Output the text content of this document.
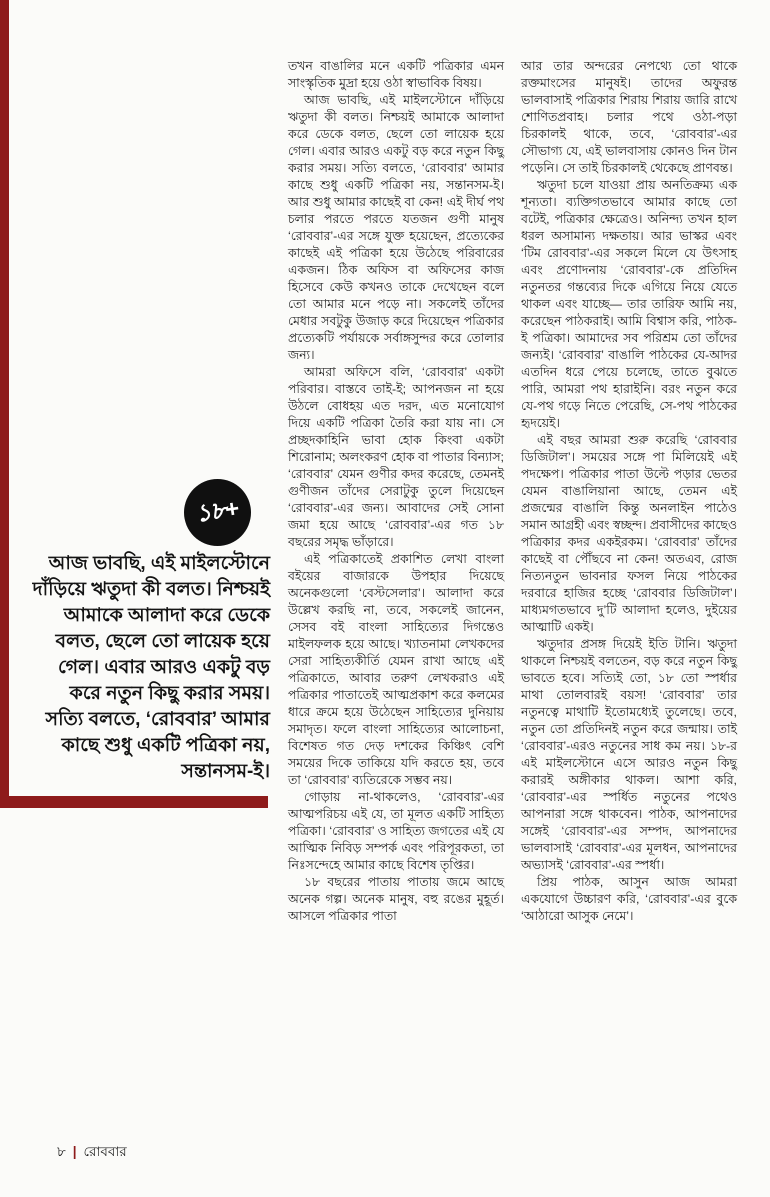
১৮+
আজ ভাবছি, এই মাইলস্টোনে দাঁড়িয়ে ঋতুদা কী বলত। নিশ্চয়ই আমাকে আলাদা করে ডেকে বলত, ছেলে তো লায়েক হয়ে গেল। এবার আরও একটু বড় করে নতুন কিছু করার সময়। সত্যি বলতে, ‘রোববার’ আমার কাছে শুধু একটি পত্রিকা নয়, সন্তানসম-ই।

তখন বাঙালির মনে একটি পত্রিকার এমন সাংস্কৃতিক মুদ্রা হয়ে ওঠা স্বাভাবিক বিষয়।

আজ ভাবছি, এই মাইলস্টোনে দাঁড়িয়ে ঋতুদা কী বলত। নিশ্চয়ই আমাকে আলাদা করে ডেকে বলত, ছেলে তো লায়েক হয়ে গেল। এবার আরও একটু বড় করে নতুন কিছু করার সময়। সত্যি বলতে, ‘রোববার’ আমার কাছে শুধু একটি পত্রিকা নয়, সন্তানসম-ই। আর শুধু আমার কাছেই বা কেন! এই দীর্ঘ পথ চলার পরতে পরতে যতজন গুণী মানুষ ‘রোববার’-এর সঙ্গে যুক্ত হয়েছেন, প্রত্যেকের কাছেই এই পত্রিকা হয়ে উঠেছে পরিবারের একজন। ঠিক অফিস বা অফিসের কাজ হিসেবে কেউ কখনও তাকে দেখেছেন বলে তো আমার মনে পড়ে না। সকলেই তাঁদের মেধার সবটুকু উজাড় করে দিয়েছেন পত্রিকার প্রত্যেকটি পর্যায়কে সর্বাঙ্গসুন্দর করে তোলার জন্য।

আমরা অফিসে বলি, ‘রোববার’ একটা পরিবার। বাস্তবে তাই-ই; আপনজন না হয়ে উঠলে বোধহয় এত দরদ, এত মনোযোগ দিয়ে একটি পত্রিকা তৈরি করা যায় না। সে প্রচ্ছদকাহিনি ভাবা হোক কিংবা একটা শিরোনাম; অলংকরণ হোক বা পাতার বিন্যাস; ‘রোববার’ যেমন গুণীর কদর করেছে, তেমনই গুণীজন তাঁদের সেরাটুকু তুলে দিয়েছেন ‘রোববার’-এর জন্য। আবাদের সেই সোনা জমা হয়ে আছে ‘রোববার’-এর গত ১৮ বছরের সমৃদ্ধ ভাঁড়ারে।

এই পত্রিকাতেই প্রকাশিত লেখা বাংলা বইয়ের বাজারকে উপহার দিয়েছে অনেকগুলো ‘বেস্টসেলার’। আলাদা করে উল্লেখ করছি না, তবে, সকলেই জানেন, সেসব বই বাংলা সাহিত্যের দিগন্তেও মাইলফলক হয়ে আছে। খ্যাতনামা লেখকদের সেরা সাহিত্যকীর্তি যেমন রাখা আছে এই পত্রিকাতে, আবার তরুণ লেখকরাও এই পত্রিকার পাতাতেই আত্মপ্রকাশ করে কলমের ধারে ক্রমে হয়ে উঠেছেন সাহিত্যের দুনিয়ায় সমাদৃত। ফলে বাংলা সাহিত্যের আলোচনা, বিশেষত গত দেড় দশকের কিঞ্চিৎ বেশি সময়ের দিকে তাকিয়ে যদি করতে হয়, তবে তা ‘রোববার’ ব্যতিরেকে সম্ভব নয়।

গোড়ায় না-থাকলেও, ‘রোববার’-এর আত্মপরিচয় এই যে, তা মূলত একটি সাহিত্য পত্রিকা। ‘রোববার’ ও সাহিত্য জগতের এই যে আত্মিক নিবিড় সম্পর্ক এবং পরিপূরকতা, তা নিঃসন্দেহে আমার কাছে বিশেষ তৃপ্তির।

১৮ বছরের পাতায় পাতায় জমে আছে অনেক গল্প। অনেক মানুষ, বহু রঙের মুহূর্ত। আসলে পত্রিকার পাতা

আর তার অন্দরের নেপথ্যে তো থাকে রক্তমাংসের মানুষই। তাদের অফুরন্ত ভালবাসাই পত্রিকার শিরায় শিরায় জারি রাখে শোণিতপ্রবাহ। চলার পথে ওঠা-পড়া চিরকালই থাকে, তবে, ‘রোববার’-এর সৌভাগ্য যে, এই ভালবাসায় কোনও দিন টান পড়েনি। সে তাই চিরকালই থেকেছে প্রাণবন্ত।

ঋতুদা চলে যাওয়া প্রায় অনতিক্রম্য এক শূন্যতা। ব্যক্তিগতভাবে আমার কাছে তো বটেই, পত্রিকার ক্ষেত্রেও। অনিন্দ্য তখন হাল ধরল অসামান্য দক্ষতায়। আর ভাস্কর এবং ‘টিম রোববার’-এর সকলে মিলে যে উৎসাহ এবং প্রণোদনায় ‘রোববার’-কে প্রতিদিন নতুনতর গন্তব্যের দিকে এগিয়ে নিয়ে যেতে থাকল এবং যাচ্ছে— তার তারিফ আমি নয়, করেছেন পাঠকরাই। আমি বিশ্বাস করি, পাঠক-ই পত্রিকা। আমাদের সব পরিশ্রম তো তাঁদের জন্যই। ‘রোববার’ বাঙালি পাঠকের যে-আদর এতদিন ধরে পেয়ে চলেছে, তাতে বুঝতে পারি, আমরা পথ হারাইনি। বরং নতুন করে যে-পথ গড়ে নিতে পেরেছি, সে-পথ পাঠকের হৃদয়েই।

এই বছর আমরা শুরু করেছি ‘রোববার ডিজিটাল’। সময়ের সঙ্গে পা মিলিয়েই এই পদক্ষেপ। পত্রিকার পাতা উল্টে পড়ার ভেতর যেমন বাঙালিয়ানা আছে, তেমন এই প্রজন্মের বাঙালি কিন্তু অনলাইন পাঠেও সমান আগ্রহী এবং স্বচ্ছন্দ। প্রবাসীদের কাছেও পত্রিকার কদর একইরকম। ‘রোববার’ তাঁদের কাছেই বা পৌঁছবে না কেন! অতএব, রোজ নিত্যনতুন ভাবনার ফসল নিয়ে পাঠকের দরবারে হাজির হচ্ছে ‘রোববার ডিজিটাল’। মাধ্যমগতভাবে দু’টি আলাদা হলেও, দুইয়ের আত্মাটি একই।

ঋতুদার প্রসঙ্গ দিয়েই ইতি টানি। ঋতুদা থাকলে নিশ্চয়ই বলতেন, বড় করে নতুন কিছু ভাবতে হবে। সত্যিই তো, ১৮ তো স্পর্ধার মাথা তোলবারই বয়স! ‘রোববার’ তার নতুনত্বে মাথাটি ইতোমধ্যেই তুলেছে। তবে, নতুন তো প্রতিদিনই নতুন করে জন্মায়। তাই ‘রোববার’-এরও নতুনের সাধ কম নয়। ১৮-র এই মাইলস্টোনে এসে আরও নতুন কিছু করারই অঙ্গীকার থাকল। আশা করি, ‘রোববার’-এর স্পর্ধিত নতুনের পথেও আপনারা সঙ্গে থাকবেন। পাঠক, আপনাদের সঙ্গেই ‘রোববার’-এর সম্পদ, আপনাদের ভালবাসাই ‘রোববার’-এর মূলধন, আপনাদের অভ্যাসই ‘রোববার’-এর স্পর্ধা।

প্রিয় পাঠক, আসুন আজ আমরা একযোগে উচ্চারণ করি, ‘রোববার’-এর বুকে ‘আঠারো আসুক নেমে’।

৮ | রোববার
